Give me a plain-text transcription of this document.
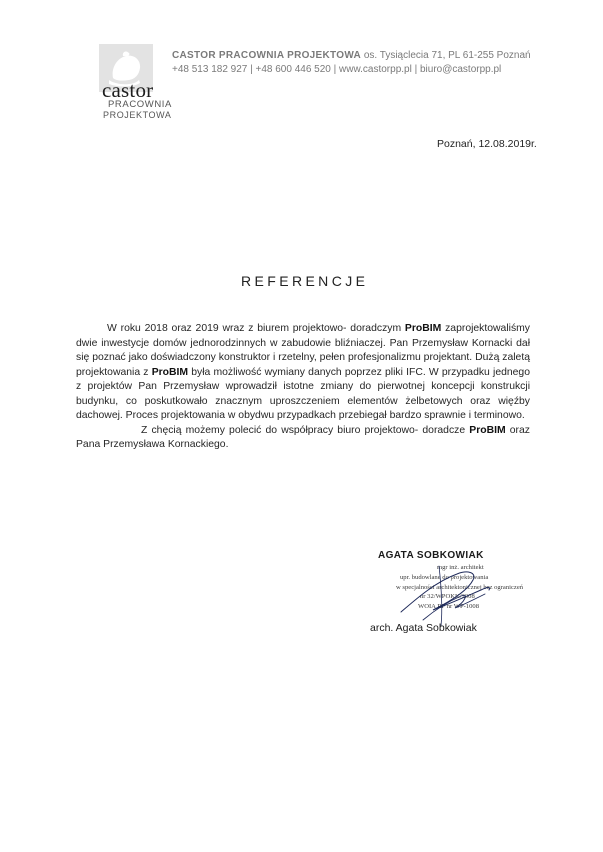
castor
PRACOWNIA
PROJEKTOWA
CASTOR PRACOWNIA PROJEKTOWA os. Tysiąclecia 71, PL 61-255 Poznań
+48 513 182 927 | +48 600 446 520 | www.castorpp.pl | biuro@castorpp.pl
Poznań, 12.08.2019r.
REFERENCJE

W roku 2018 oraz 2019 wraz z biurem projektowo- doradczym ProBIM zaprojektowaliśmy dwie inwestycje domów jednorodzinnych w zabudowie bliźniaczej. Pan Przemysław Kornacki dał się poznać jako doświadczony konstruktor i rzetelny, pełen profesjonalizmu projektant. Dużą zaletą projektowania z ProBIM była możliwość wymiany danych poprzez pliki IFC. W przypadku jednego z projektów Pan Przemysław wprowadził istotne zmiany do pierwotnej koncepcji konstrukcji budynku, co poskutkowało znacznym uproszczeniem elementów żelbetowych oraz więźby dachowej. Proces projektowania w obydwu przypadkach przebiegał bardzo sprawnie i terminowo.

Z chęcią możemy polecić do współpracy biuro projektowo- doradcze ProBIM oraz Pana Przemysława Kornackiego.

AGATA SOBKOWIAK
mgr inż. architekt
upr. budowlane do projektowania
w specjalności architektonicznej bez ograniczeń
nr 32/WPOKK/2008
WOIA RP nr WP-1008
arch. Agata Sobkowiak
